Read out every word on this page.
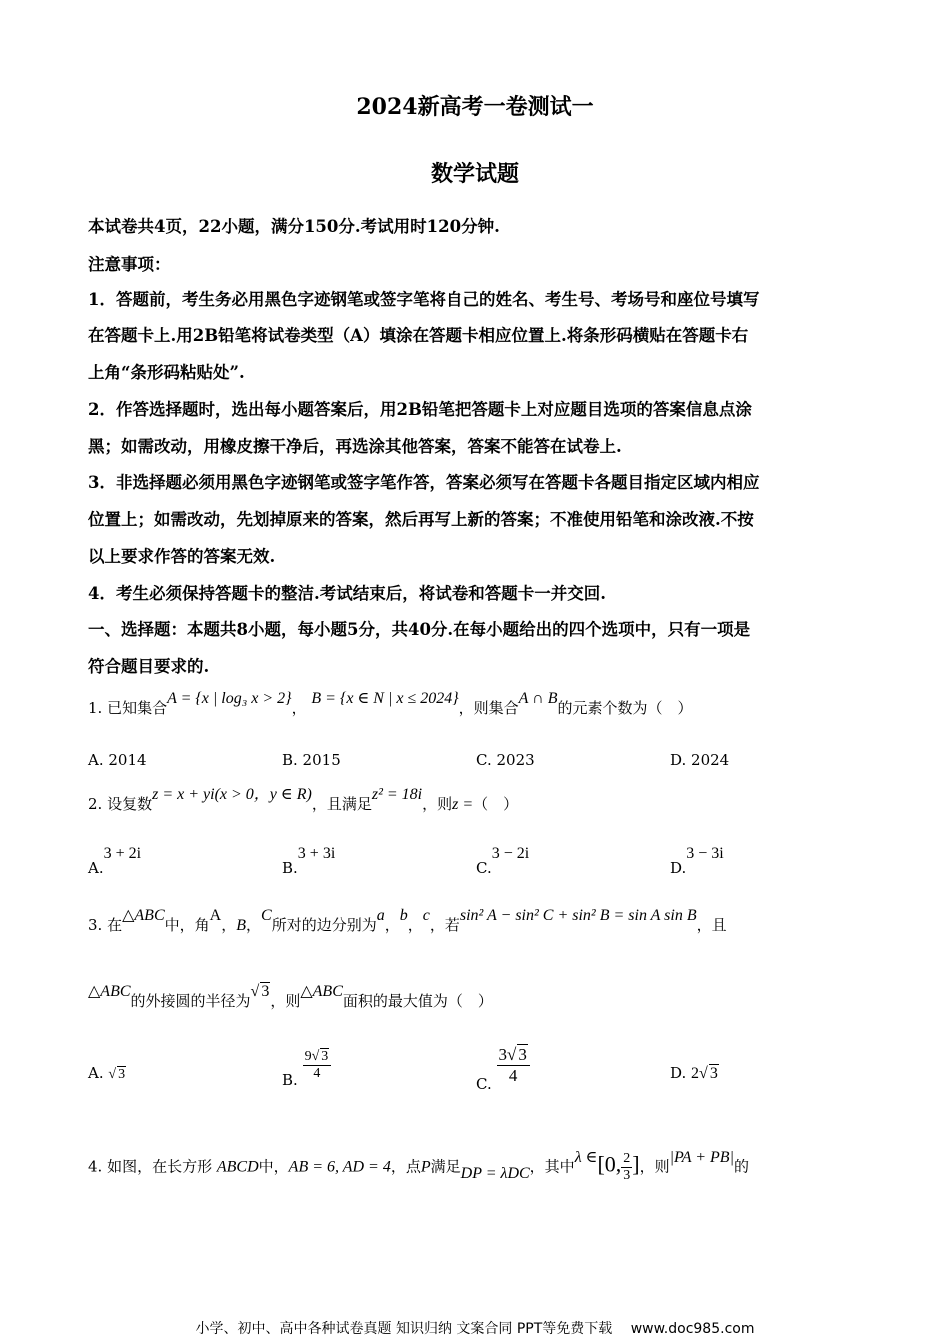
2024新高考一卷测试一
数学试题
本试卷共4页，22小题，满分150分.考试用时120分钟.
注意事项：
1．答题前，考生务必用黑色字迹钢笔或签字笔将自己的姓名、考生号、考场号和座位号填写
在答题卡上.用2B铅笔将试卷类型（A）填涂在答题卡相应位置上.将条形码横贴在答题卡右
上角“条形码粘贴处”.
2．作答选择题时，选出每小题答案后，用2B铅笔把答题卡上对应题目选项的答案信息点涂
黑；如需改动，用橡皮擦干净后，再选涂其他答案，答案不能答在试卷上.
3．非选择题必须用黑色字迹钢笔或签字笔作答，答案必须写在答题卡各题目指定区域内相应
位置上；如需改动，先划掉原来的答案，然后再写上新的答案；不准使用铅笔和涂改液.不按
以上要求作答的答案无效.
4．考生必须保持答题卡的整洁.考试结束后，将试卷和答题卡一并交回.
一、选择题：本题共8小题，每小题5分，共40分.在每小题给出的四个选项中，只有一项是
符合题目要求的.
1. 已知集合A = {x | log₃ x > 2}， B = {x ∈ N | x ≤ 2024}，则集合A ∩ B的元素个数为（　）
A. 2014	B. 2015	C. 2023	D. 2024
2. 设复数z = x + yi(x > 0，y ∈ R)，且满足z² = 18i，则z =（　）
A.3 + 2i
B.3 + 3i
C.3 − 2i
D.3 − 3i
3. 在△ABC中，角A，B，C所对的边分别为a，b，c，若sin² A − sin² C + sin² B = sin A sin B，且
△ABC的外接圆的半径为√ 3，则△ABC面积的最大值为（　）
A. √ 3	B. $\frac{9√ 3}{4}$
C. $\frac{3√ 3}{4}$	D. 2√ 3
4. 如图，在长方形 ABCD中，AB = 6, AD = 4，点P满足DP = λDC，其中λ ∈[0, $\frac{2}{3}$ ]，则|PA + PB|的
小学、初中、高中各种试卷真题 知识归纳 文案合同 PPT等免费下载　 www.doc985.com
